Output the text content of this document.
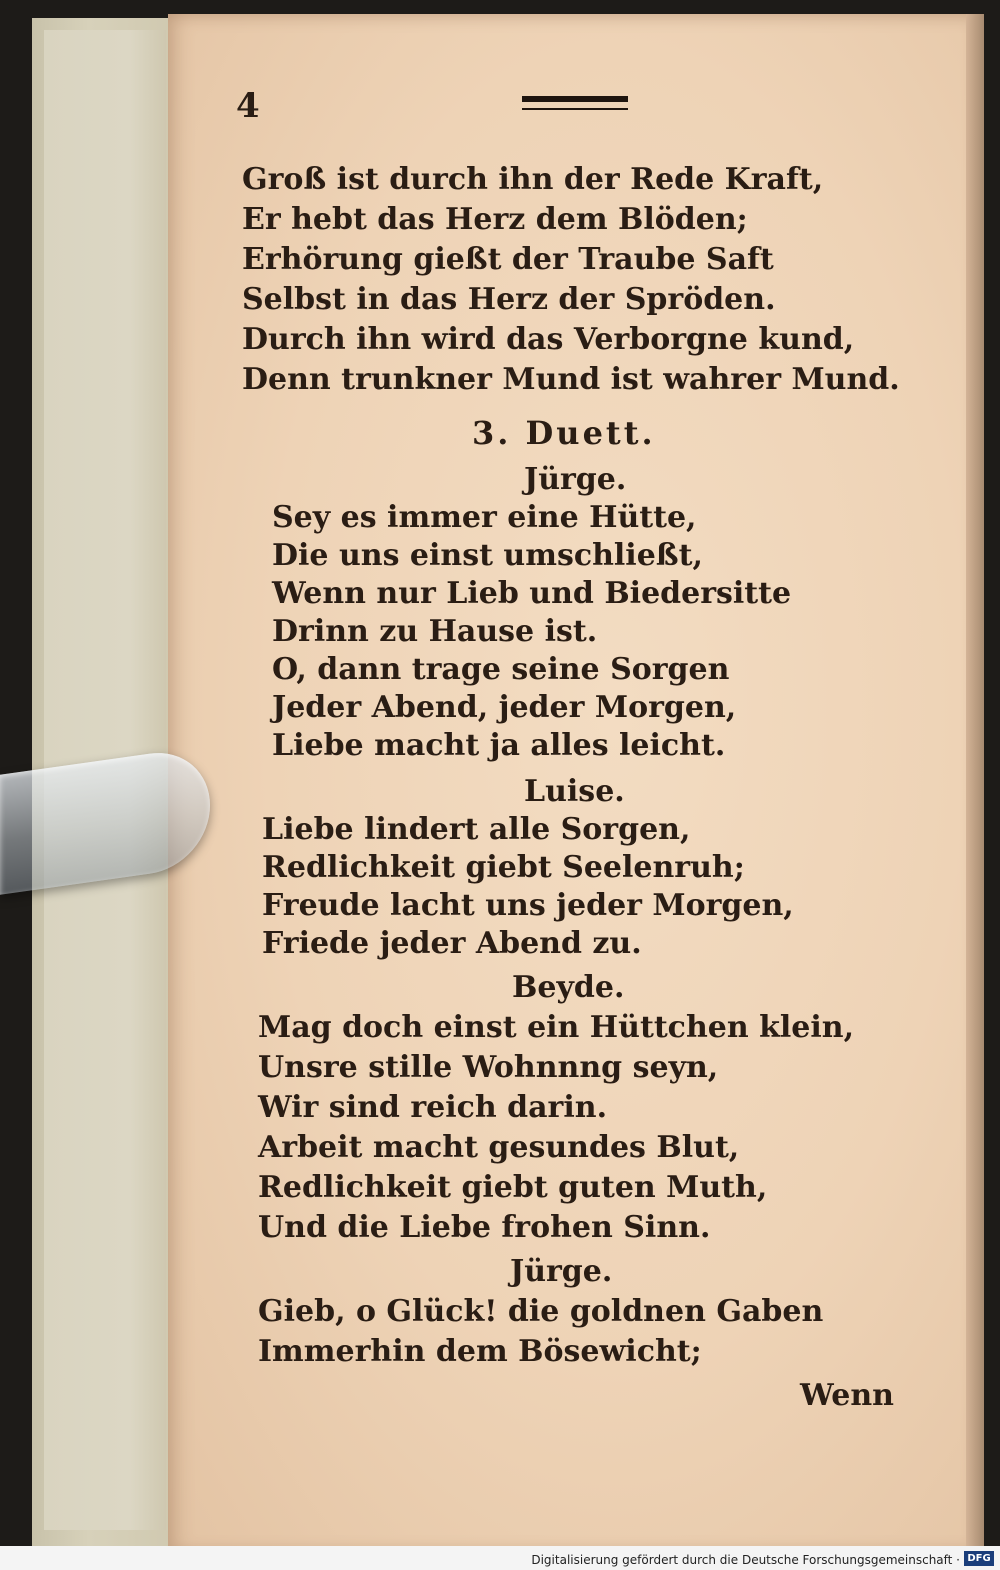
4
Groß ist durch ihn der Rede Kraft,
Er hebt das Herz dem Blöden;
Erhörung gießt der Traube Saft
Selbst in das Herz der Spröden.
Durch ihn wird das Verborgne kund,
Denn trunkner Mund ist wahrer Mund.
3. Duett.
Jürge.
Sey es immer eine Hütte,
Die uns einst umschließt,
Wenn nur Lieb und Biedersitte
Drinn zu Hause ist.
O, dann trage seine Sorgen
Jeder Abend, jeder Morgen,
Liebe macht ja alles leicht.
Luise.
Liebe lindert alle Sorgen,
Redlichkeit giebt Seelenruh;
Freude lacht uns jeder Morgen,
Friede jeder Abend zu.
Beyde.
Mag doch einst ein Hüttchen klein,
Unsre stille Wohnnng seyn,
Wir sind reich darin.
Arbeit macht gesundes Blut,
Redlichkeit giebt guten Muth,
Und die Liebe frohen Sinn.
Jürge.
Gieb, o Glück! die goldnen Gaben
Immerhin dem Bösewicht;
Wenn
Digitalisierung gefördert durch die Deutsche Forschungsgemeinschaft · DFG
